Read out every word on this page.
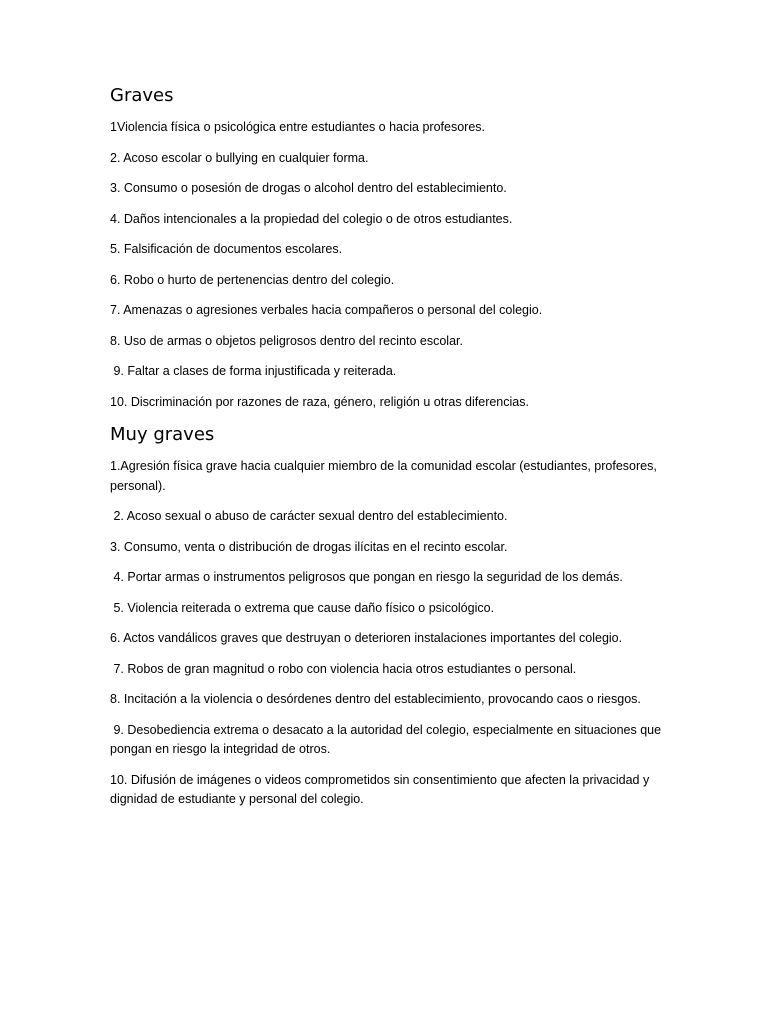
Graves

1Violencia física o psicológica entre estudiantes o hacia profesores.

2. Acoso escolar o bullying en cualquier forma.

3. Consumo o posesión de drogas o alcohol dentro del establecimiento.

4. Daños intencionales a la propiedad del colegio o de otros estudiantes.

5. Falsificación de documentos escolares.

6. Robo o hurto de pertenencias dentro del colegio.

7. Amenazas o agresiones verbales hacia compañeros o personal del colegio.

8. Uso de armas o objetos peligrosos dentro del recinto escolar.

9. Faltar a clases de forma injustificada y reiterada.

10. Discriminación por razones de raza, género, religión u otras diferencias.

Muy graves

1.Agresión física grave hacia cualquier miembro de la comunidad escolar (estudiantes, profesores, personal).

2. Acoso sexual o abuso de carácter sexual dentro del establecimiento.

3. Consumo, venta o distribución de drogas ilícitas en el recinto escolar.

4. Portar armas o instrumentos peligrosos que pongan en riesgo la seguridad de los demás.

5. Violencia reiterada o extrema que cause daño físico o psicológico.

6. Actos vandálicos graves que destruyan o deterioren instalaciones importantes del colegio.

7. Robos de gran magnitud o robo con violencia hacia otros estudiantes o personal.

8. Incitación a la violencia o desórdenes dentro del establecimiento, provocando caos o riesgos.

9. Desobediencia extrema o desacato a la autoridad del colegio, especialmente en situaciones que pongan en riesgo la integridad de otros.

10. Difusión de imágenes o videos comprometidos sin consentimiento que afecten la privacidad y dignidad de estudiante y personal del colegio.
